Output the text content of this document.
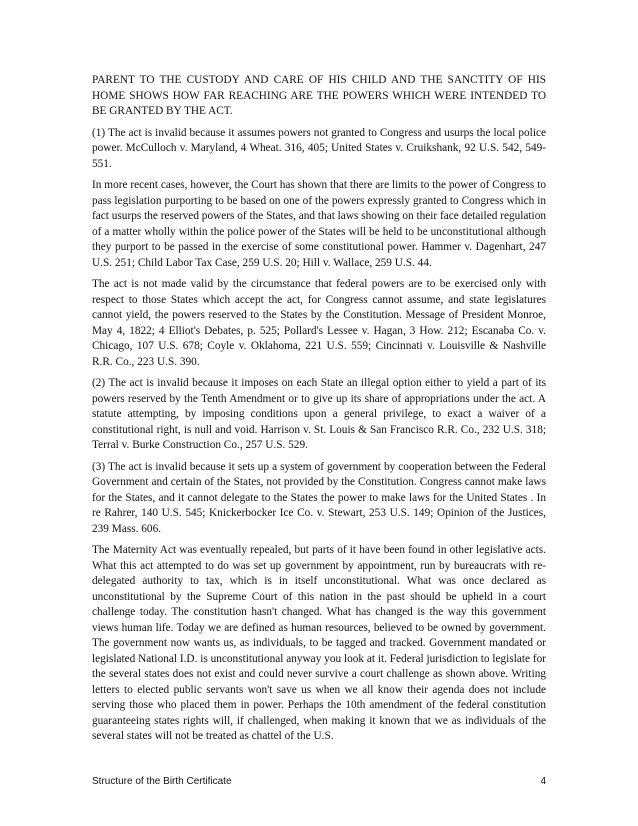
PARENT TO THE CUSTODY AND CARE OF HIS CHILD AND THE SANCTITY OF HIS HOME SHOWS HOW FAR REACHING ARE THE POWERS WHICH WERE INTENDED TO BE GRANTED BY THE ACT.

(1) The act is invalid because it assumes powers not granted to Congress and usurps the local police power. McCulloch v. Maryland, 4 Wheat. 316, 405; United States v. Cruikshank, 92 U.S. 542, 549-551.

In more recent cases, however, the Court has shown that there are limits to the power of Congress to pass legislation purporting to be based on one of the powers expressly granted to Congress which in fact usurps the reserved powers of the States, and that laws showing on their face detailed regulation of a matter wholly within the police power of the States will be held to be unconstitutional although they purport to be passed in the exercise of some constitutional power. Hammer v. Dagenhart, 247 U.S. 251; Child Labor Tax Case, 259 U.S. 20; Hill v. Wallace, 259 U.S. 44.

The act is not made valid by the circumstance that federal powers are to be exercised only with respect to those States which accept the act, for Congress cannot assume, and state legislatures cannot yield, the powers reserved to the States by the Constitution. Message of President Monroe, May 4, 1822; 4 Elliot's Debates, p. 525; Pollard's Lessee v. Hagan, 3 How. 212; Escanaba Co. v. Chicago, 107 U.S. 678; Coyle v. Oklahoma, 221 U.S. 559; Cincinnati v. Louisville & Nashville R.R. Co., 223 U.S. 390.

(2) The act is invalid because it imposes on each State an illegal option either to yield a part of its powers reserved by the Tenth Amendment or to give up its share of appropriations under the act. A statute attempting, by imposing conditions upon a general privilege, to exact a waiver of a constitutional right, is null and void. Harrison v. St. Louis & San Francisco R.R. Co., 232 U.S. 318; Terral v. Burke Construction Co., 257 U.S. 529.

(3) The act is invalid because it sets up a system of government by cooperation between the Federal Government and certain of the States, not provided by the Constitution. Congress cannot make laws for the States, and it cannot delegate to the States the power to make laws for the United States . In re Rahrer, 140 U.S. 545; Knickerbocker Ice Co. v. Stewart, 253 U.S. 149; Opinion of the Justices, 239 Mass. 606.

The Maternity Act was eventually repealed, but parts of it have been found in other legislative acts. What this act attempted to do was set up government by appointment, run by bureaucrats with re-delegated authority to tax, which is in itself unconstitutional. What was once declared as unconstitutional by the Supreme Court of this nation in the past should be upheld in a court challenge today. The constitution hasn't changed. What has changed is the way this government views human life. Today we are defined as human resources, believed to be owned by government. The government now wants us, as individuals, to be tagged and tracked. Government mandated or legislated National I.D. is unconstitutional anyway you look at it. Federal jurisdiction to legislate for the several states does not exist and could never survive a court challenge as shown above. Writing letters to elected public servants won't save us when we all know their agenda does not include serving those who placed them in power. Perhaps the 10th amendment of the federal constitution guaranteeing states rights will, if challenged, when making it known that we as individuals of the several states will not be treated as chattel of the U.S.

Structure of the Birth Certificate	4
